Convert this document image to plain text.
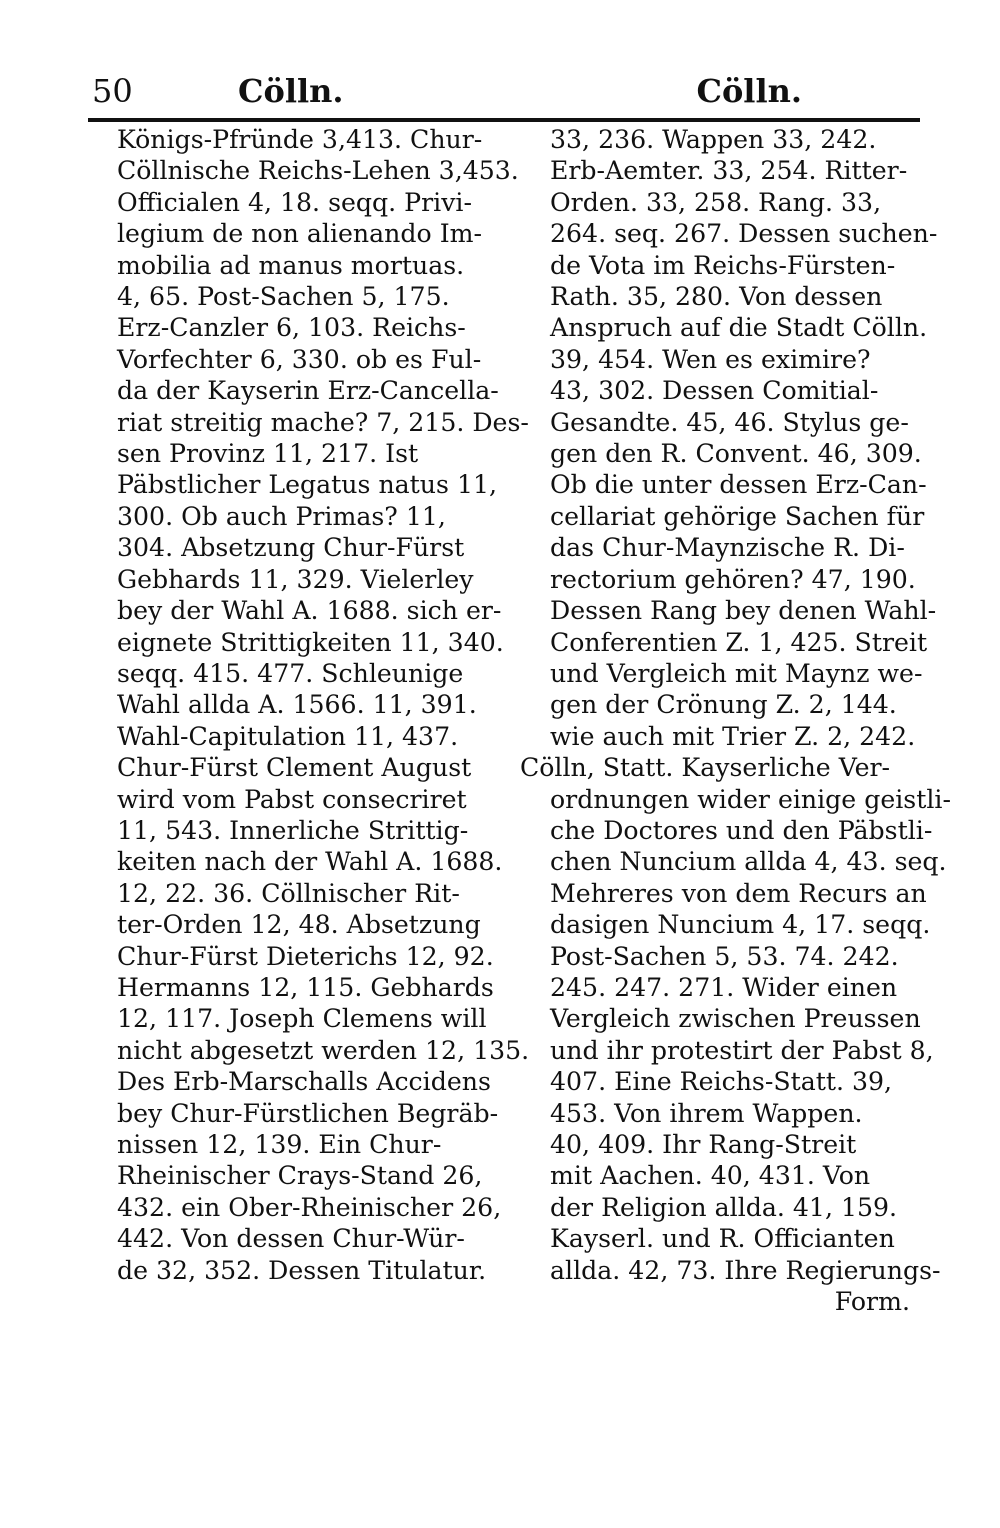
50	Cölln.	Cölln.
Königs-Pfründe 3,413. Chur-
Cöllnische Reichs-Lehen 3,453.
Officialen 4, 18. seqq. Privi-
legium de non alienando Im-
mobilia ad manus mortuas.
4, 65. Post-Sachen 5, 175.
Erz-Canzler 6, 103. Reichs-
Vorfechter 6, 330. ob es Ful-
da der Kayserin Erz-Cancella-
riat streitig mache? 7, 215. Des-
sen Provinz 11, 217. Ist
Päbstlicher Legatus natus 11,
300. Ob auch Primas? 11,
304. Absetzung Chur-Fürst
Gebhards 11, 329. Vielerley
bey der Wahl A. 1688. sich er-
eignete Strittigkeiten 11, 340.
seqq. 415. 477. Schleunige
Wahl allda A. 1566. 11, 391.
Wahl-Capitulation 11, 437.
Chur-Fürst Clement August
wird vom Pabst consecriret
11, 543. Innerliche Strittig-
keiten nach der Wahl A. 1688.
12, 22. 36. Cöllnischer Rit-
ter-Orden 12, 48. Absetzung
Chur-Fürst Dieterichs 12, 92.
Hermanns 12, 115. Gebhards
12, 117. Joseph Clemens will
nicht abgesetzt werden 12, 135.
Des Erb-Marschalls Accidens
bey Chur-Fürstlichen Begräb-
nissen 12, 139. Ein Chur-
Rheinischer Crays-Stand 26,
432. ein Ober-Rheinischer 26,
442. Von dessen Chur-Wür-
de 32, 352. Dessen Titulatur.
33, 236. Wappen 33, 242.
Erb-Aemter. 33, 254. Ritter-
Orden. 33, 258. Rang. 33,
264. seq. 267. Dessen suchen-
de Vota im Reichs-Fürsten-
Rath. 35, 280. Von dessen
Anspruch auf die Stadt Cölln.
39, 454. Wen es eximire?
43, 302. Dessen Comitial-
Gesandte. 45, 46. Stylus ge-
gen den R. Convent. 46, 309.
Ob die unter dessen Erz-Can-
cellariat gehörige Sachen für
das Chur-Maynzische R. Di-
rectorium gehören? 47, 190.
Dessen Rang bey denen Wahl-
Conferentien Z. 1, 425. Streit
und Vergleich mit Maynz we-
gen der Crönung Z. 2, 144.
wie auch mit Trier Z. 2, 242.
Cölln, Statt. Kayserliche Ver-
ordnungen wider einige geistli-
che Doctores und den Päbstli-
chen Nuncium allda 4, 43. seq.
Mehreres von dem Recurs an
dasigen Nuncium 4, 17. seqq.
Post-Sachen 5, 53. 74. 242.
245. 247. 271. Wider einen
Vergleich zwischen Preussen
und ihr protestirt der Pabst 8,
407. Eine Reichs-Statt. 39,
453. Von ihrem Wappen.
40, 409. Ihr Rang-Streit
mit Aachen. 40, 431. Von
der Religion allda. 41, 159.
Kayserl. und R. Officianten
allda. 42, 73. Ihre Regierungs-
Form.
